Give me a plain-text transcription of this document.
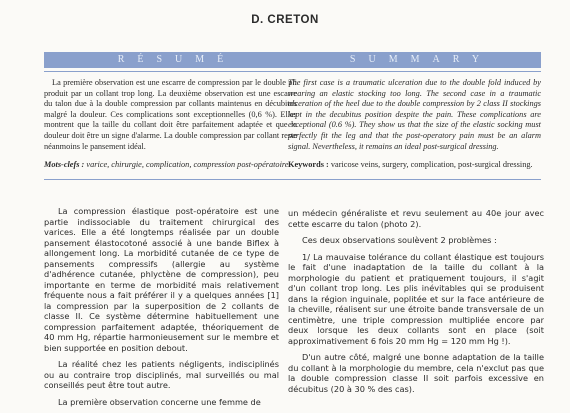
D. CRETON
RÉSUMÉ

La première observation est une escarre de compression par le double pli produit par un collant trop long. La deuxième observation est une escarre du talon due à la double compression par collants maintenus en décubitus malgré la douleur. Ces complications sont exceptionnelles (0,6 %). Elles montrent que la taille du collant doit être parfaitement adaptée et que la douleur doit être un signe d'alarme. La double compression par collant reste néanmoins le pansement idéal.

Mots-clefs : varice, chirurgie, complication, compression post-opératoire.

SUMMARY

The first case is a traumatic ulceration due to the double fold induced by wearing an elastic stocking too long. The second case in a traumatic ulceration of the heel due to the double compression by 2 class II stockings kept in the decubitus position despite the pain. These complications are exceptional (0.6 %). They show us that the size of the elastic socking must perfectly fit the leg and that the post-operatory pain must be an alarm signal. Nevertheless, it remains an ideal post-surgical dressing.

Keywords : varicose veins, surgery, complication, post-surgical dressing.

La compression élastique post-opératoire est une partie indissociable du traitement chirurgical des varices. Elle a été longtemps réalisée par un double pansement élastocotoné associé à une bande Biflex à allongement long. La morbidité cutanée de ce type de pansements compressifs (allergie au système d'adhérence cutanée, phlyctène de compression), peu importante en terme de morbidité mais relativement fréquente nous a fait préférer il y a quelques années [1] la compression par la superposition de 2 collants de classe II. Ce système détermine habituellement une compression parfaitement adaptée, théoriquement de 40 mm Hg, répartie harmonieusement sur le membre et bien supportée en position debout.

La réalité chez les patients négligents, indisciplinés ou au contraire trop disciplinés, mal surveillés ou mal conseillés peut être tout autre.

La première observation concerne une femme de

un médecin généraliste et revu seulement au 40e jour avec cette escarre du talon (photo 2).

Ces deux observations soulèvent 2 problèmes :

1/ La mauvaise tolérance du collant élastique est toujours le fait d'une inadaptation de la taille du collant à la morphologie du patient et pratiquement toujours, il s'agit d'un collant trop long. Les plis inévitables qui se produisent dans la région inguinale, poplitée et sur la face antérieure de la cheville, réalisent sur une étroite bande transversale de un centimètre, une triple compression multipliée encore par deux lorsque les deux collants sont en place (soit approximativement 6 fois 20 mm Hg = 120 mm Hg !).

D'un autre côté, malgré une bonne adaptation de la taille du collant à la morphologie du membre, cela n'exclut pas que la double compression classe II soit parfois excessive en décubitus (20 à 30 % des cas).
